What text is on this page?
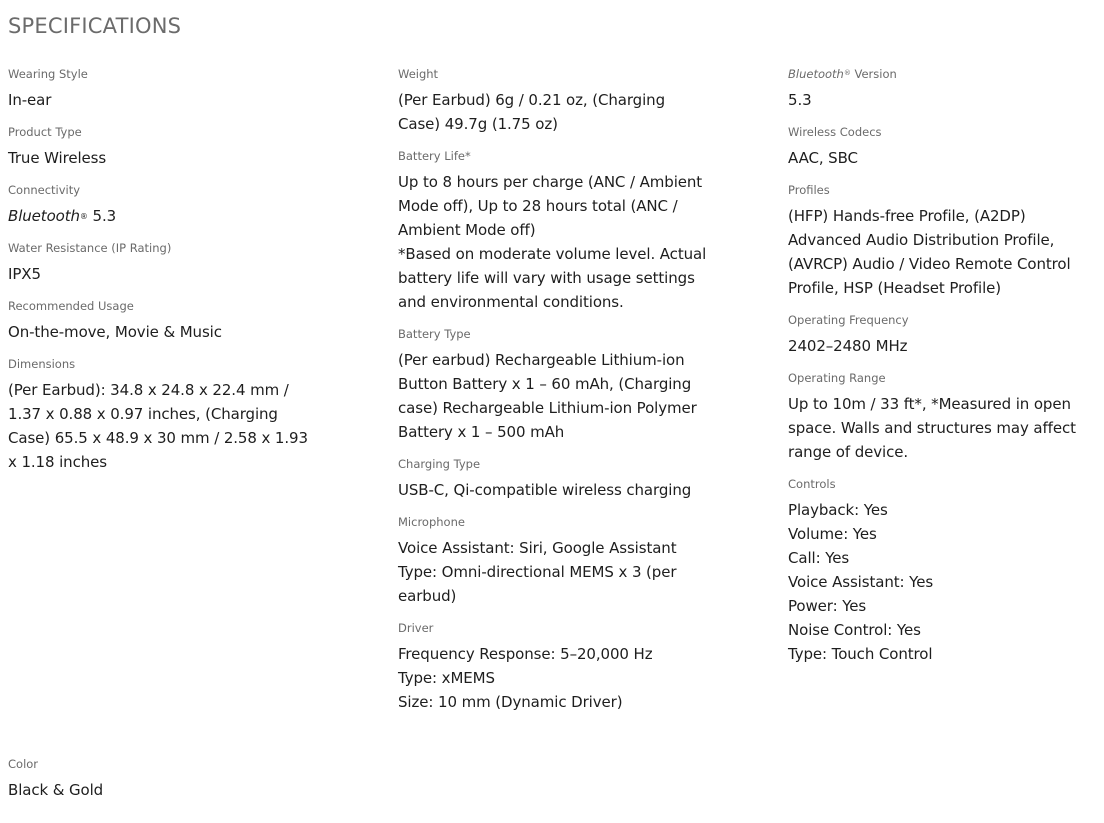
SPECIFICATIONS
Wearing Style
In-ear
Product Type
True Wireless
Connectivity
Bluetooth® 5.3
Water Resistance (IP Rating)
IPX5
Recommended Usage
On-the-move, Movie & Music
Dimensions
(Per Earbud): 34.8 x 24.8 x 22.4 mm /
1.37 x 0.88 x 0.97 inches, (Charging
Case) 65.5 x 48.9 x 30 mm / 2.58 x 1.93
x 1.18 inches
Color
Black & Gold
Weight
(Per Earbud) 6g / 0.21 oz, (Charging
Case) 49.7g (1.75 oz)
Battery Life*
Up to 8 hours per charge (ANC / Ambient
Mode off), Up to 28 hours total (ANC /
Ambient Mode off)
*Based on moderate volume level. Actual
battery life will vary with usage settings
and environmental conditions.
Battery Type
(Per earbud) Rechargeable Lithium-ion
Button Battery x 1 – 60 mAh, (Charging
case) Rechargeable Lithium-ion Polymer
Battery x 1 – 500 mAh
Charging Type
USB-C, Qi-compatible wireless charging
Microphone
Voice Assistant: Siri, Google Assistant
Type: Omni-directional MEMS x 3 (per
earbud)
Driver
Frequency Response: 5–20,000 Hz
Type: xMEMS
Size: 10 mm (Dynamic Driver)
Bluetooth® Version
5.3
Wireless Codecs
AAC, SBC
Profiles
(HFP) Hands-free Profile, (A2DP)
Advanced Audio Distribution Profile,
(AVRCP) Audio / Video Remote Control
Profile, HSP (Headset Profile)
Operating Frequency
2402–2480 MHz
Operating Range
Up to 10m / 33 ft*, *Measured in open
space. Walls and structures may affect
range of device.
Controls
Playback: Yes
Volume: Yes
Call: Yes
Voice Assistant: Yes
Power: Yes
Noise Control: Yes
Type: Touch Control
